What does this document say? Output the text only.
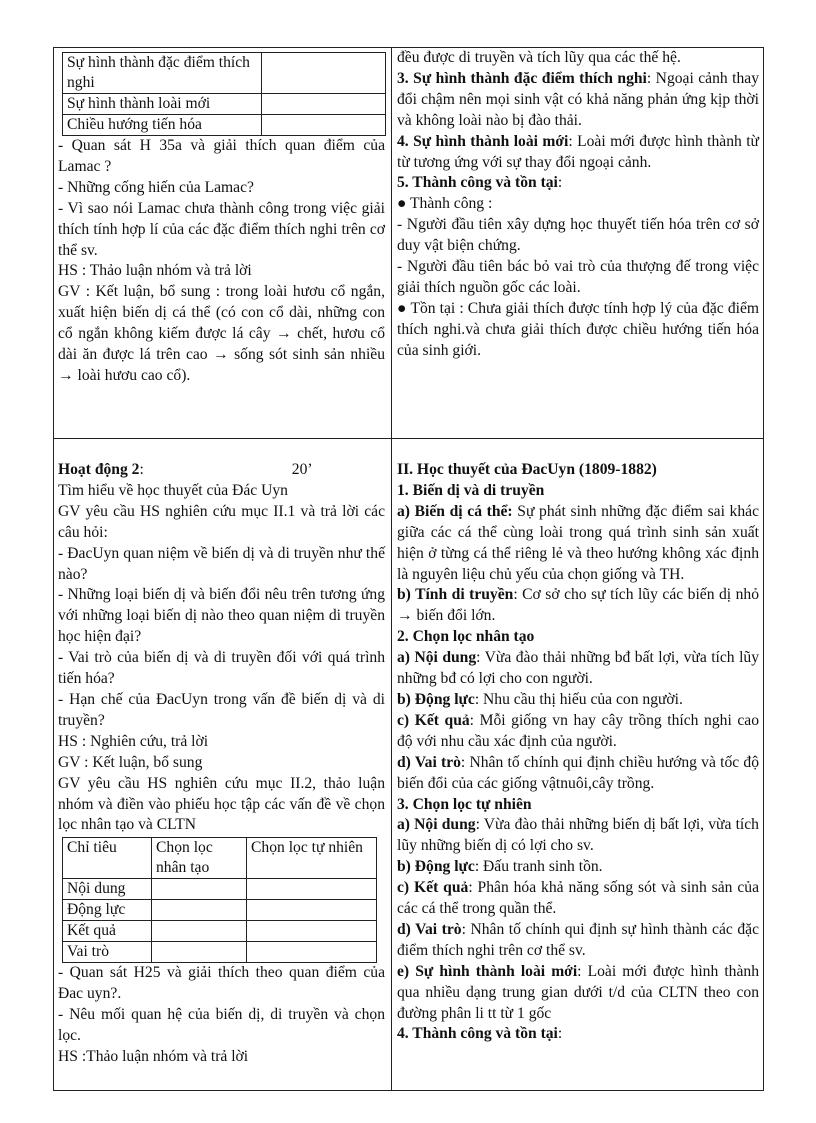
Sự hình thành đặc điểm thích nghi	
Sự hình thành loài mới	
Chiều hướng tiến hóa	

- Quan sát H 35a và giải thích quan điểm của Lamac ?

- Những cống hiến của Lamac?

- Vì sao nói Lamac chưa thành công trong việc giải thích tính hợp lí của các đặc điểm thích nghi trên cơ thể sv.

HS : Thảo luận nhóm và trả lời

GV : Kết luận, bổ sung : trong loài hươu cổ ngắn, xuất hiện biến dị cá thể (có con cổ dài, những con cổ ngắn không kiếm được lá cây → chết, hươu cổ dài ăn được lá trên cao → sống sót sinh sản nhiều → loài hươu cao cổ).

đều được di truyền và tích lũy qua các thế hệ.

3. Sự hình thành đặc điểm thích nghi: Ngoại cảnh thay đổi chậm nên mọi sinh vật có khả năng phản ứng kịp thời và không loài nào bị đào thải.

4. Sự hình thành loài mới: Loài mới được hình thành từ từ tương ứng với sự thay đổi ngoại cảnh.

5. Thành công và tồn tại:

● Thành công :

- Người đầu tiên xây dựng học thuyết tiến hóa trên cơ sở duy vật biện chứng.

- Người đầu tiên bác bỏ vai trò của thượng đế trong việc giải thích nguồn gốc các loài.

● Tồn tại : Chưa giải thích được tính hợp lý của đặc điểm thích nghi.và chưa giải thích được chiều hướng tiến hóa của sinh giới.

Hoạt động 2:	20’

Tìm hiểu về học thuyết của Đác Uyn

GV yêu cầu HS nghiên cứu mục II.1 và trả lời các câu hỏi:

- ĐacUyn quan niệm về biến dị và di truyền như thế nào?

- Những loại biến dị và biến đổi nêu trên tương ứng với những loại biến dị nào theo quan niệm di truyền học hiện đại?

- Vai trò của biến dị và di truyền đối với quá trình tiến hóa?

- Hạn chế của ĐacUyn trong vấn đề biến dị và di truyền?

HS : Nghiên cứu, trả lời

GV : Kết luận, bổ sung

GV yêu cầu HS nghiên cứu mục II.2, thảo luận nhóm và điền vào phiếu học tập các vấn đề về chọn lọc nhân tạo và CLTN

Chỉ tiêu	Chọn lọc nhân tạo	Chọn lọc tự nhiên
Nội dung		
Động lực		
Kết quả		
Vai trò		

- Quan sát H25 và giải thích theo quan điểm của Đac uyn?.

- Nêu mối quan hệ của biến dị, di truyền và chọn lọc.

HS :Thảo luận nhóm và trả lời

II. Học thuyết của ĐacUyn (1809-1882)

1. Biến dị và di truyền

a) Biến dị cá thể: Sự phát sinh những đặc điểm sai khác giữa các cá thể cùng loài trong quá trình sinh sản xuất hiện ở từng cá thể riêng lẻ và theo hướng không xác định là nguyên liệu chủ yếu của chọn giống và TH.

b) Tính di truyền: Cơ sở cho sự tích lũy các biến dị nhỏ → biến đổi lớn.

2. Chọn lọc nhân tạo

a) Nội dung: Vừa đào thải những bđ bất lợi, vừa tích lũy những bđ có lợi cho con người.

b) Động lực: Nhu cầu thị hiếu của con người.

c) Kết quả: Mỗi giống vn hay cây trồng thích nghi cao độ với nhu cầu xác định của người.

d) Vai trò: Nhân tố chính qui định chiều hướng và tốc độ biến đổi của các giống vậtnuôi,cây trồng.

3. Chọn lọc tự nhiên

a) Nội dung: Vừa đào thải những biến dị bất lợi, vừa tích lũy những biến dị có lợi cho sv.

b) Động lực: Đấu tranh sinh tồn.

c) Kết quả: Phân hóa khả năng sống sót và sinh sản của các cá thể trong quần thể.

d) Vai trò: Nhân tố chính qui định sự hình thành các đặc điểm thích nghi trên cơ thể sv.

e) Sự hình thành loài mới: Loài mới được hình thành qua nhiều dạng trung gian dưới t/d của CLTN theo con đường phân li tt từ 1 gốc

4. Thành công và tồn tại:
